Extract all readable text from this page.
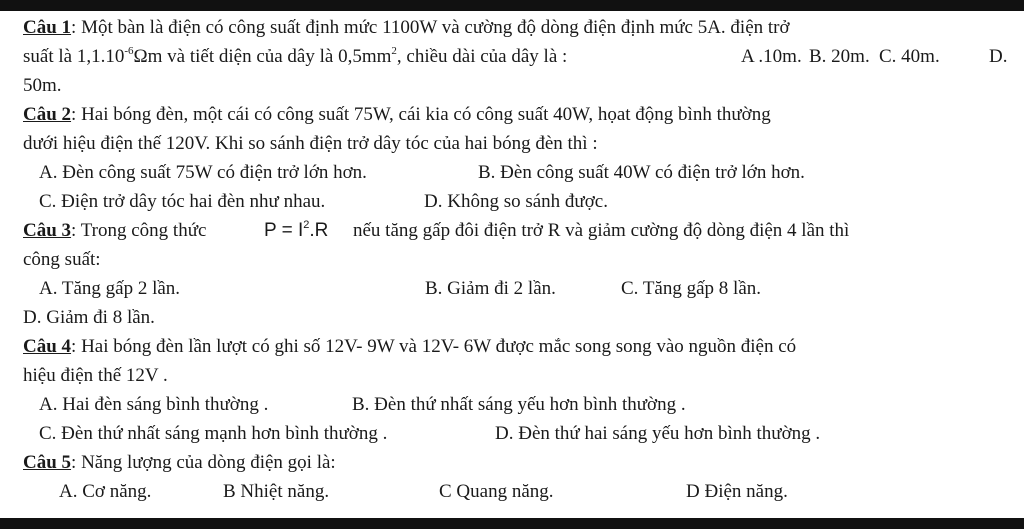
Câu 1: Một bàn là điện có công suất định mức 1100W và cường độ dòng điện định mức 5A. điện trở
suất là $1,1.10^{-6}\Omega m$ và tiết diện của dây là $0,5mm^2$, chiều dài của dây là :	A .10m. B. 20m. C. 40m.	D.
50m.
Câu 2: Hai bóng đèn, một cái có công suất 75W, cái kia có công suất 40W, họat động bình thường
dưới hiệu điện thế 120V. Khi so sánh điện trở dây tóc của hai bóng đèn thì :
A. Đèn công suất 75W có điện trở lớn hơn.	B. Đèn công suất 40W có điện trở lớn hơn.
C. Điện trở dây tóc hai đèn như nhau.	D. Không so sánh được.
Câu 3: Trong công thức	$P = I^2.R$ nếu tăng gấp đôi điện trở R và giảm cường độ dòng điện 4 lần thì
công suất:
A. Tăng gấp 2 lần.	B. Giảm đi 2 lần.	C. Tăng gấp 8 lần.
D. Giảm đi 8 lần.
Câu 4: Hai bóng đèn lần lượt có ghi số 12V- 9W và 12V- 6W được mắc song song vào nguồn điện có
hiệu điện thế 12V .
A. Hai đèn sáng bình thường .	B. Đèn thứ nhất sáng yếu hơn bình thường .
C. Đèn thứ nhất sáng mạnh hơn bình thường .	D. Đèn thứ hai sáng yếu hơn bình thường .
Câu 5: Năng lượng của dòng điện gọi là:
A. Cơ năng.	B Nhiệt năng.	C Quang năng.	D Điện năng.
